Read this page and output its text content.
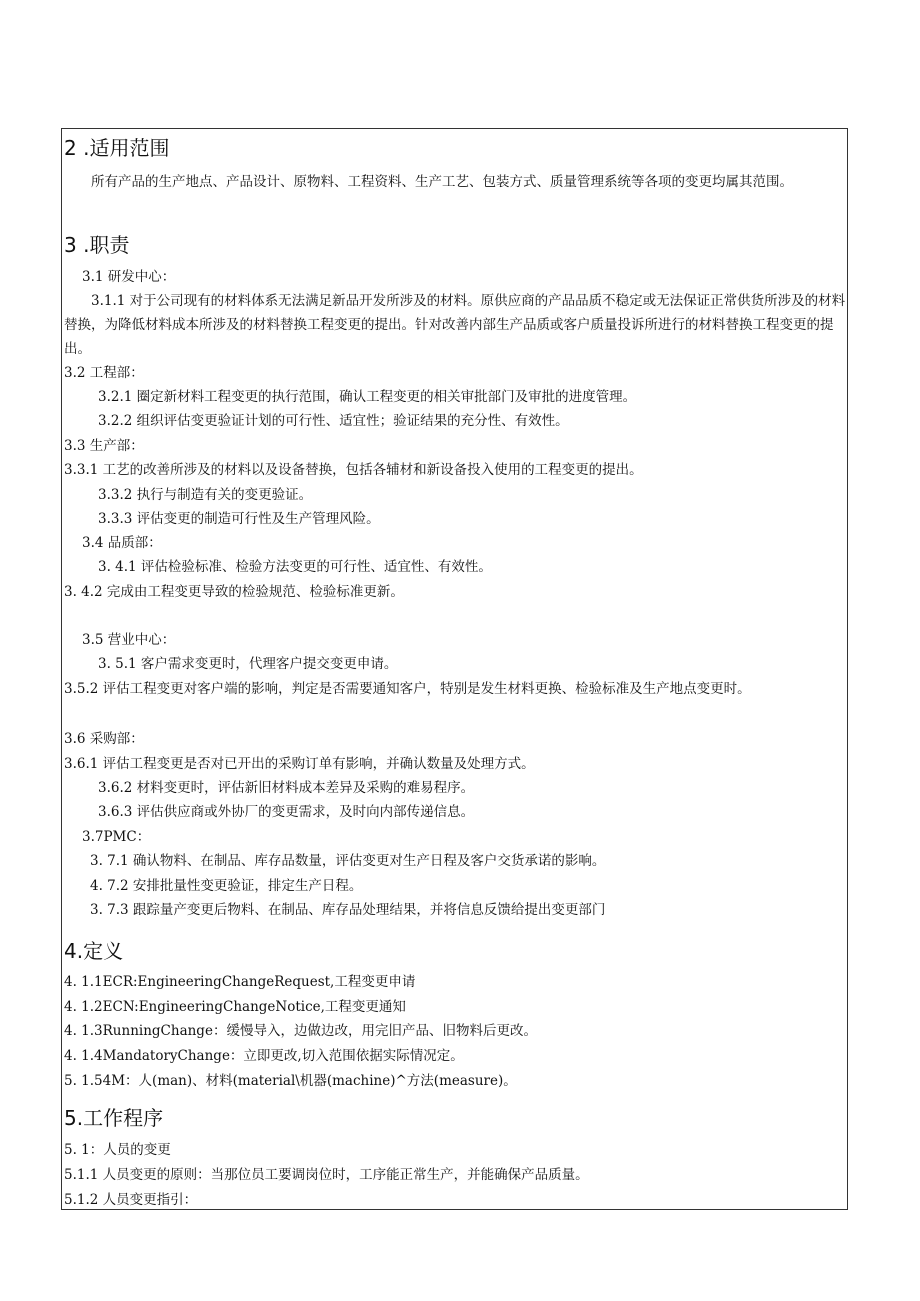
2 .适用范围
所有产品的生产地点、产品设计、原物料、工程资料、生产工艺、包装方式、质量管理系统等各项的变更均属其范围。
3 .职责
3.1 研发中心：
3.1.1 对于公司现有的材料体系无法满足新品开发所涉及的材料。原供应商的产品品质不稳定或无法保证正常供货所涉及的材料替换，为降低材料成本所涉及的材料替换工程变更的提出。针对改善内部生产品质或客户质量投诉所进行的材料替换工程变更的提出。
3.2 工程部：
3.2.1 圈定新材料工程变更的执行范围，确认工程变更的相关审批部门及审批的进度管理。
3.2.2 组织评估变更验证计划的可行性、适宜性；验证结果的充分性、有效性。
3.3 生产部：
3.3.1 工艺的改善所涉及的材料以及设备替换，包括各辅材和新设备投入使用的工程变更的提出。
3.3.2 执行与制造有关的变更验证。
3.3.3 评估变更的制造可行性及生产管理风险。
3.4 品质部：
3. 4.1 评估检验标准、检验方法变更的可行性、适宜性、有效性。
3. 4.2 完成由工程变更导致的检验规范、检验标准更新。
3.5 营业中心：
3. 5.1 客户需求变更时，代理客户提交变更申请。
3.5.2 评估工程变更对客户端的影响，判定是否需要通知客户，特别是发生材料更换、检验标准及生产地点变更时。
3.6 采购部：
3.6.1 评估工程变更是否对已开出的采购订单有影响，并确认数量及处理方式。
3.6.2 材料变更时，评估新旧材料成本差异及采购的难易程序。
3.6.3 评估供应商或外协厂的变更需求，及时向内部传递信息。
3.7PMC：
3. 7.1 确认物料、在制品、库存品数量，评估变更对生产日程及客户交货承诺的影响。
4. 7.2 安排批量性变更验证，排定生产日程。
3. 7.3 跟踪量产变更后物料、在制品、库存品处理结果，并将信息反馈给提出变更部门
4.定义
4. 1.1ECR:EngineeringChangeRequest,工程变更申请
4. 1.2ECN:EngineeringChangeNotice,工程变更通知
4. 1.3RunningChange：缓慢导入，边做边改，用完旧产品、旧物料后更改。
4. 1.4MandatoryChange：立即更改,切入范围依据实际情况定。
5. 1.54M：人(man)、材料(material\机器(machine)^方法(measure)。
5.工作程序
5. 1：人员的变更
5.1.1 人员变更的原则：当那位员工要调岗位时，工序能正常生产，并能确保产品质量。
5.1.2 人员变更指引：
